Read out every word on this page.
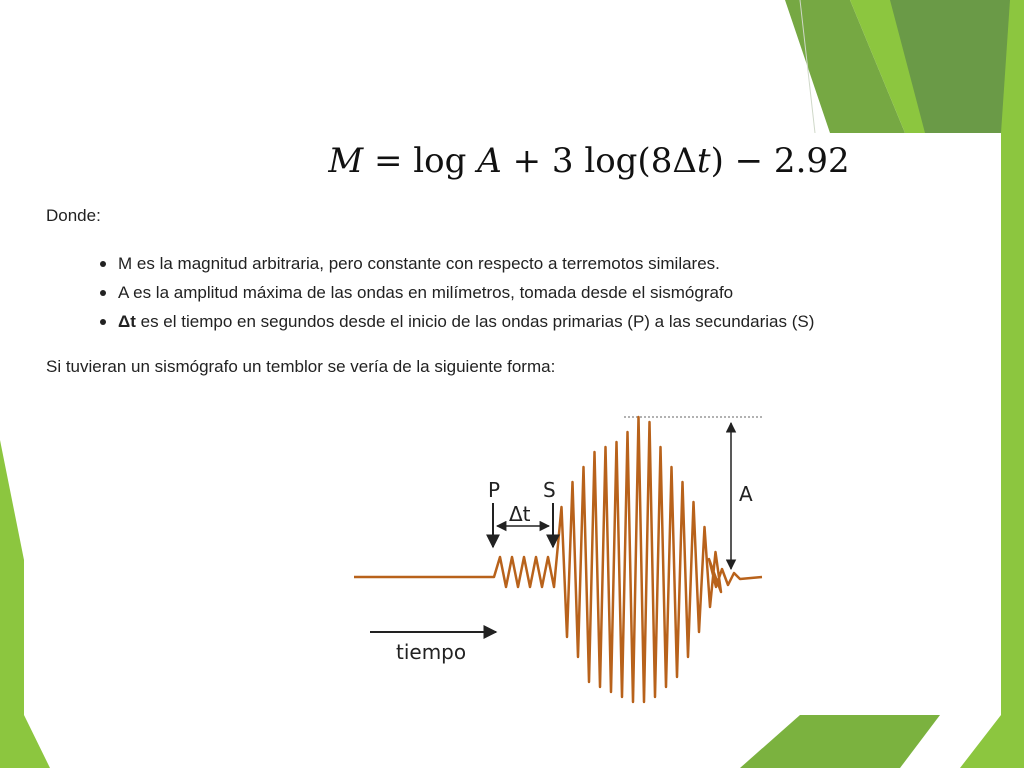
M = log A + 3 log(8Δt) − 2.92
Donde:
M es la magnitud arbitraria, pero constante con respecto a terremotos similares.
A es la amplitud máxima de las ondas en milímetros, tomada desde el sismógrafo
Δt es el tiempo en segundos desde el inicio de las ondas primarias (P) a las secundarias (S)
Si tuvieran un sismógrafo un temblor se vería de la siguiente forma:
P S
Δt
A
tiempo
